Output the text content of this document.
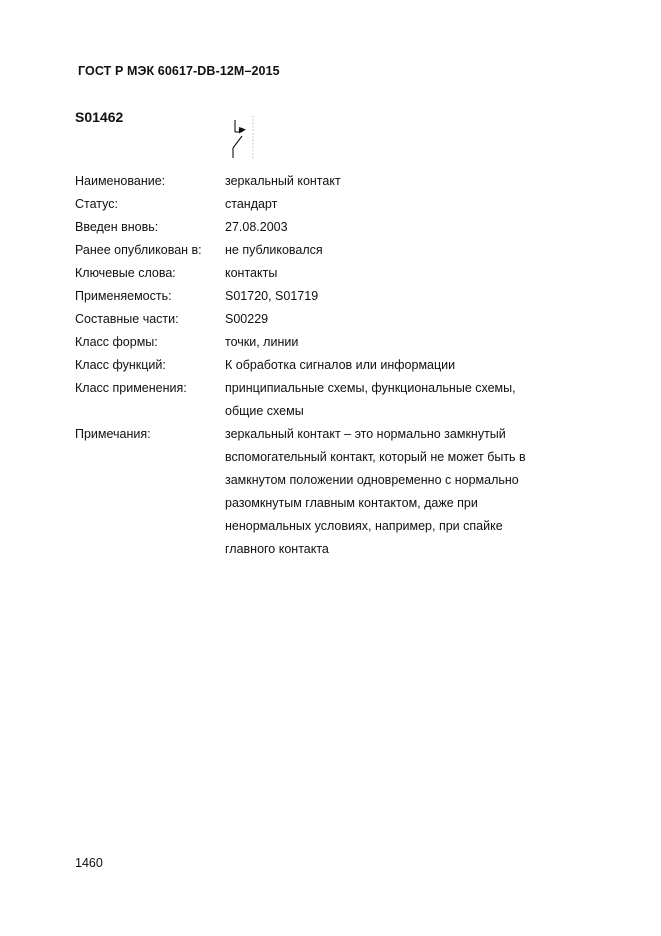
ГОСТ Р МЭК 60617-DB-12M–2015
S01462
Наименование:	зеркальный контакт
Статус:	стандарт
Введен вновь:	27.08.2003
Ранее опубликован в:	не публиковался
Ключевые слова:	контакты
Применяемость:	S01720, S01719
Составные части:	S00229
Класс формы:	точки, линии
Класс функций:	К обработка сигналов или информации
Класс применения:	принципиальные схемы, функциональные схемы,
общие схемы
Примечания:	зеркальный контакт – это нормально замкнутый
вспомогательный контакт, который не может быть в
замкнутом положении одновременно с нормально
разомкнутым главным контактом, даже при
ненормальных условиях, например, при спайке
главного контакта
1460
